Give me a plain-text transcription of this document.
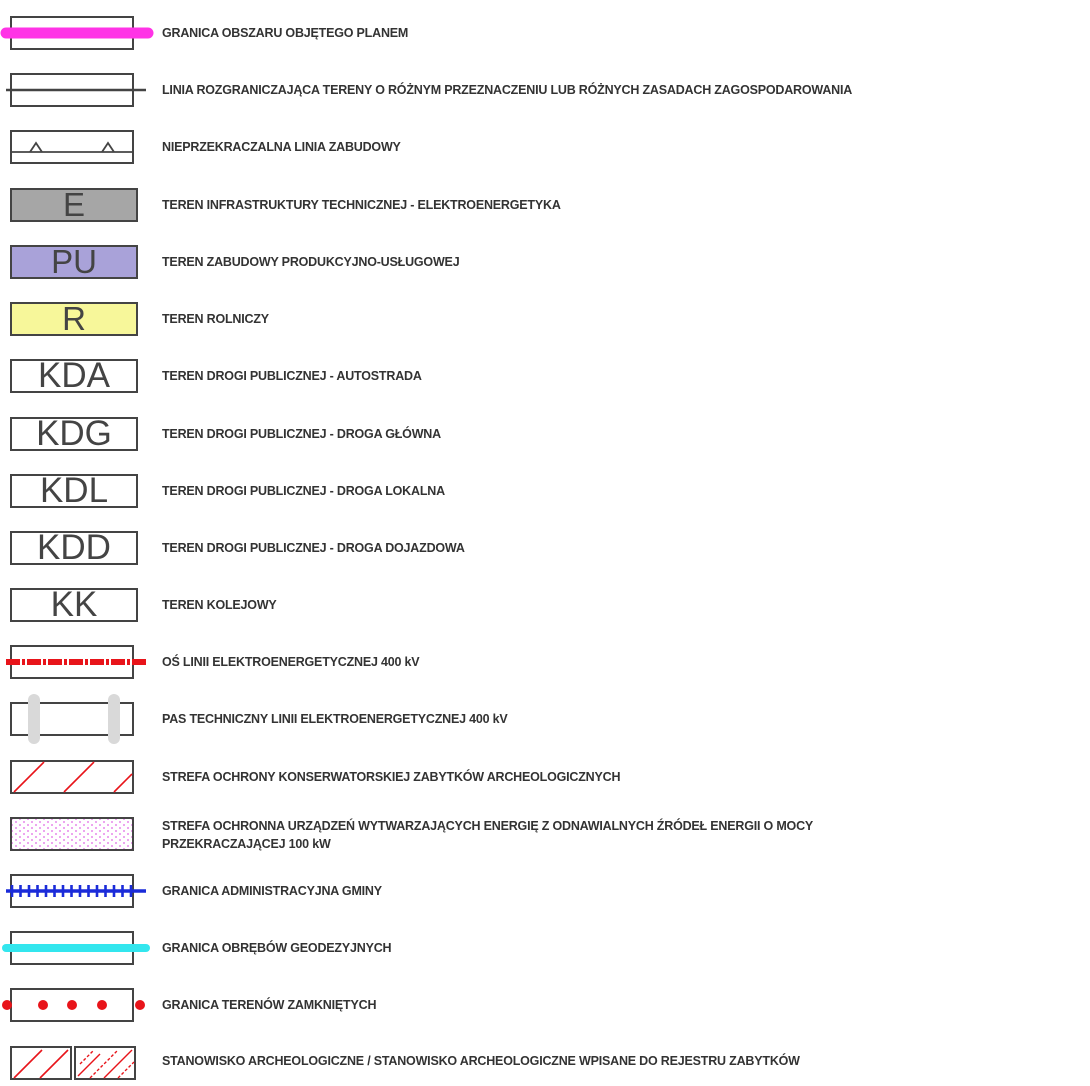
GRANICA OBSZARU OBJĘTEGO PLANEM
LINIA ROZGRANICZAJĄCA TERENY O RÓŻNYM PRZEZNACZENIU LUB RÓŻNYCH ZASADACH ZAGOSPODAROWANIA
NIEPRZEKRACZALNA LINIA ZABUDOWY
E	TEREN INFRASTRUKTURY TECHNICZNEJ - ELEKTROENERGETYKA
PU	TEREN ZABUDOWY PRODUKCYJNO-USŁUGOWEJ
R	TEREN ROLNICZY
KDA	TEREN DROGI PUBLICZNEJ - AUTOSTRADA
KDG	TEREN DROGI PUBLICZNEJ - DROGA GŁÓWNA
KDL	TEREN DROGI PUBLICZNEJ - DROGA LOKALNA
KDD	TEREN DROGI PUBLICZNEJ - DROGA DOJAZDOWA
KK	TEREN KOLEJOWY
OŚ LINII ELEKTROENERGETYCZNEJ 400 kV
PAS TECHNICZNY LINII ELEKTROENERGETYCZNEJ 400 kV
STREFA OCHRONY KONSERWATORSKIEJ ZABYTKÓW ARCHEOLOGICZNYCH
STREFA OCHRONNA URZĄDZEŃ WYTWARZAJĄCYCH ENERGIĘ Z ODNAWIALNYCH ŹRÓDEŁ ENERGII O MOCY
PRZEKRACZAJĄCEJ 100 kW
GRANICA ADMINISTRACYJNA GMINY
GRANICA OBRĘBÓW GEODEZYJNYCH
GRANICA TERENÓW ZAMKNIĘTYCH
STANOWISKO ARCHEOLOGICZNE / STANOWISKO ARCHEOLOGICZNE WPISANE DO REJESTRU ZABYTKÓW
